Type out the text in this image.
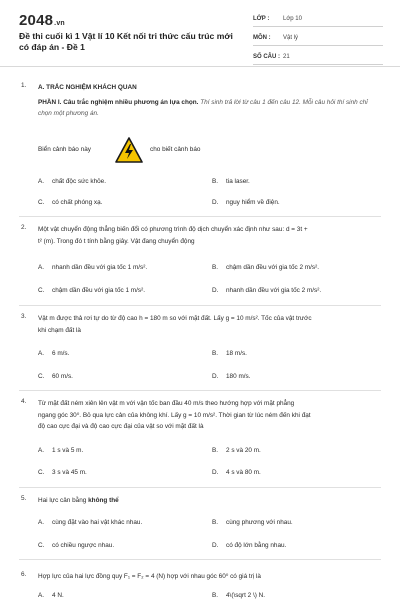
2048.vn
Đề thi cuối kì 1 Vật lí 10 Kết nối tri thức cấu trúc mới có đáp án - Đề 1
LỚP :	Lớp 10
MÔN :	Vật lý
SỐ CÂU : 21
1. A. TRẮC NGHIỆM KHÁCH QUAN
PHẦN I. Câu trắc nghiệm nhiều phương án lựa chọn. Thí sinh trả lời từ câu 1 đến câu 12. Mỗi câu hỏi thí sinh chỉ chọn một phương án.
Biển cảnh báo này	cho biết cảnh báo
A. chất độc sức khỏe.	B. tia laser.
C. có chất phóng xạ.	D. nguy hiểm về điện.
2. Một vật chuyển động thẳng biến đổi có phương trình độ dịch chuyển xác định như sau: d = 3t +
t² (m). Trong đó t tính bằng giây. Vật đang chuyển động
A. nhanh dần đều với gia tốc 1 m/s².	B. chậm dần đều với gia tốc 2 m/s².
C. chậm dần đều với gia tốc 1 m/s².	D. nhanh dần đều với gia tốc 2 m/s².
3. Vật m được thả rơi tự do từ độ cao h = 180 m so với mặt đất. Lấy g = 10 m/s². Tốc của vật trước
khi chạm đất là
A. 6 m/s.	B. 18 m/s.
C. 60 m/s.	D. 180 m/s.
4. Từ mặt đất ném xiên lên vật m với vận tốc ban đầu 40 m/s theo hướng hợp với mặt phẳng
ngang góc 30⁰. Bỏ qua lực cản của không khí. Lấy g = 10 m/s². Thời gian từ lúc ném đến khi đạt
độ cao cực đại và độ cao cực đại của vật so với mặt đất là
A. 1 s và 5 m.	B. 2 s và 20 m.
C. 3 s và 45 m.	D. 4 s và 80 m.
5. Hai lực cân bằng không thể
A. cùng đặt vào hai vật khác nhau.	B. cùng phương với nhau.
C. có chiều ngược nhau.	D. có độ lớn bằng nhau.
6. Hợp lực của hai lực đồng quy F₁ = F₂ = 4 (N) hợp với nhau góc 60⁰ có giá trị là
A. 4 N.	B. 4\(\sqrt 2 \) N.
